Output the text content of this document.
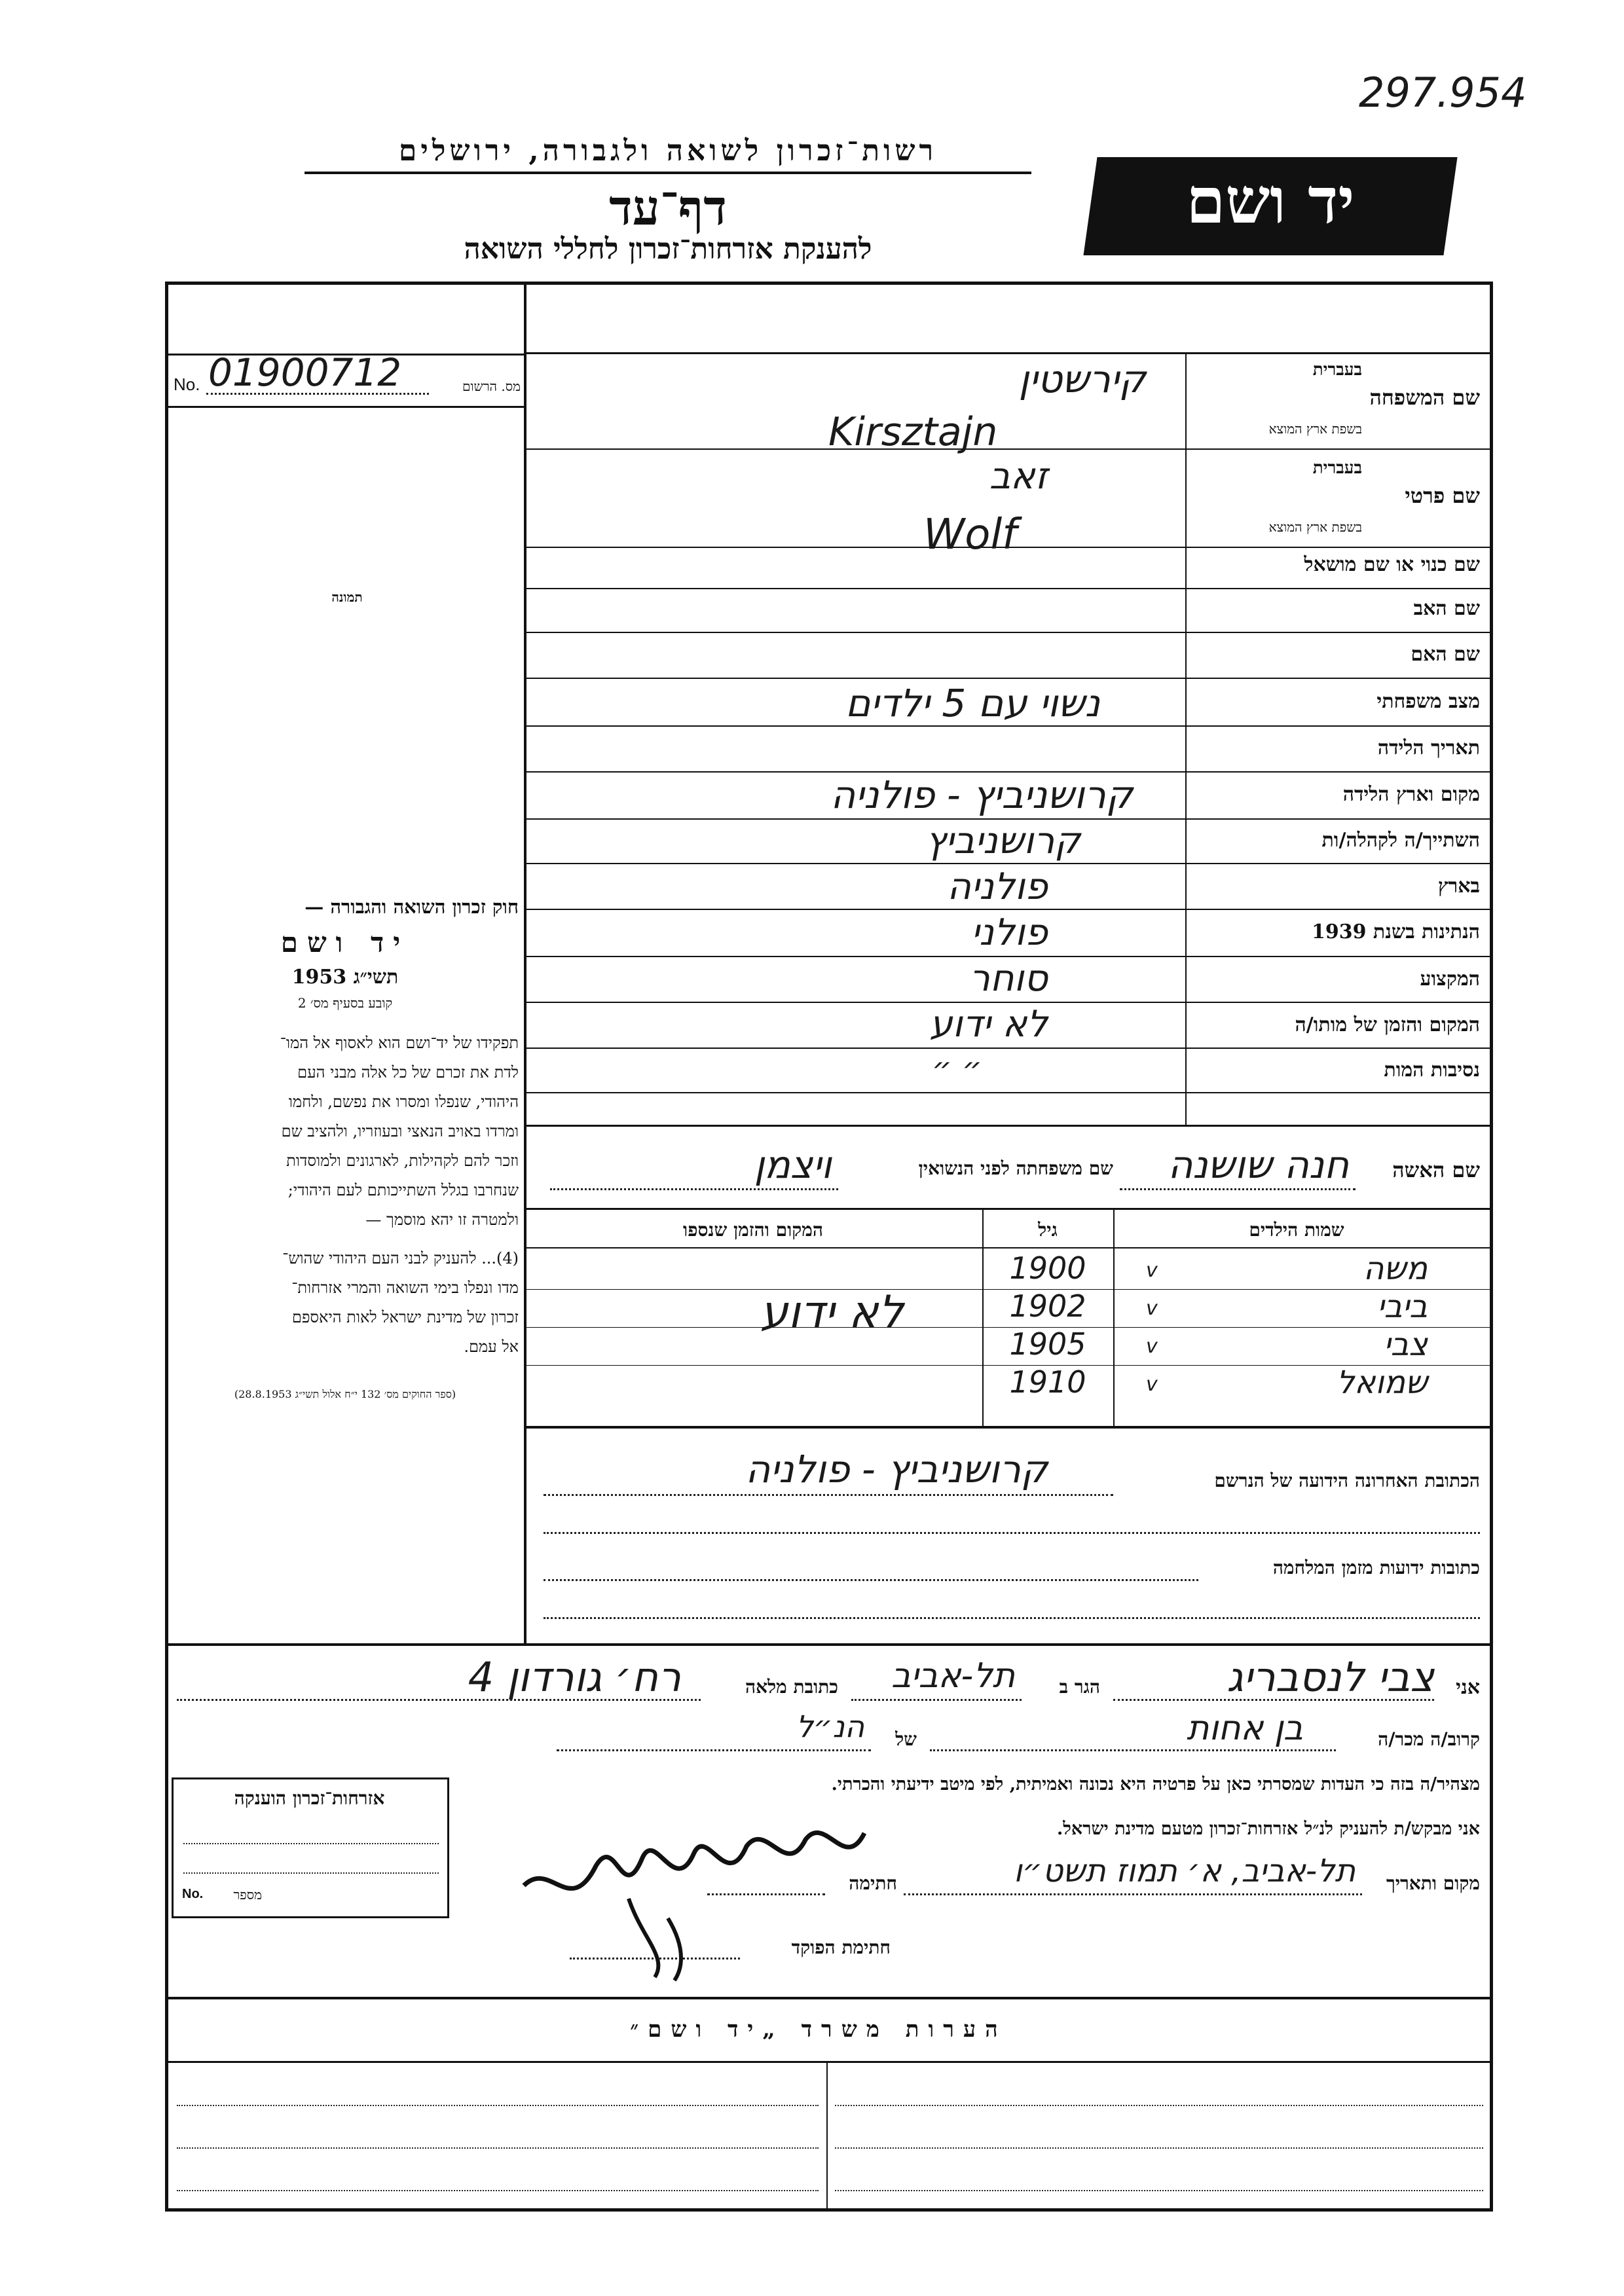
297.954
רשות־זכרון לשואה ולגבורה, ירושלים
דף־עד
להענקת אזרחות־זכרון לחללי השואה
יד ושם
No. 01900712	מס. הרשום
תמונה
חוק זכרון השואה והגבורה —
יד ושם
תשי״ג 1953
קובע בסעיף מס׳ 2
תפקידו של יד־ושם הוא לאסוף אל המו־
לדת את זכרם של כל אלה מבני העם
היהודי, שנפלו ומסרו את נפשם, ולחמו
ומרדו באויב הנאצי ובעוזריו, ולהציב שם
וזכר להם לקהילות, לארגונים ולמוסדות
שנחרבו בגלל השתייכותם לעם היהודי;
ולמטרה זו יהא מוסמך —
(4)... להעניק לבני העם היהודי שהוש־
מדו ונפלו בימי השואה והמרי אזרחות־
זכרון של מדינת ישראל לאות היאספם
אל עמם.
(ספר החוקים מס׳ 132 י״ח אלול תשי״ג 28.8.1953)
שם המשפחה
בעברית
בשפת ארץ המוצא
קירשטין
Kirsztajn
שם פרטי
בעברית
בשפת ארץ המוצא
זאב
Wolf
שם כנוי או שם מושאל
שם האב
שם האם
מצב משפחתי
נשוי עם 5 ילדים
תאריך הלידה
מקום וארץ הלידה
קרושניביץ - פולניה
השתייך/ה לקהלה/ות
קרושניביץ
בארץ
פולניה
הנתינות בשנת 1939
פולני
המקצוע
סוחר
המקום והזמן של מותו/ה
לא ידוע
נסיבות המות
״ ״
שם האשה
חנה שושנה
שם משפחתה לפני הנשואין
ויצמן
שמות הילדים
גיל
המקום והזמן שנספו
משה
v
1900
ביבי
v
1902
צבי
v
1905
שמואל
v
1910
לא ידוע
הכתובת האחרונה הידועה של הנרשם
קרושניביץ - פולניה
כתובות ידועות מזמן המלחמה
אני
צבי לנסבריג
הגר ב
תל-אביב
כתובת מלאה
רח׳ גורדון 4
קרוב/ה מכר/ה
בן אחות
של
הנ״ל
מצהיר/ה בזה כי העדות שמסרתי כאן על פרטיה היא נכונה ואמיתית, לפי מיטב ידיעתי והכרתי.
אני מבקש/ת להעניק לנ״ל אזרחות־זכרון מטעם מדינת ישראל.
מקום ותאריך
תל-אביב, א׳ תמוז תשט״ו
חתימה
חתימת הפוקד
אזרחות־זכרון הוענקה
No.	מספר
הערות משרד „יד ושם״
